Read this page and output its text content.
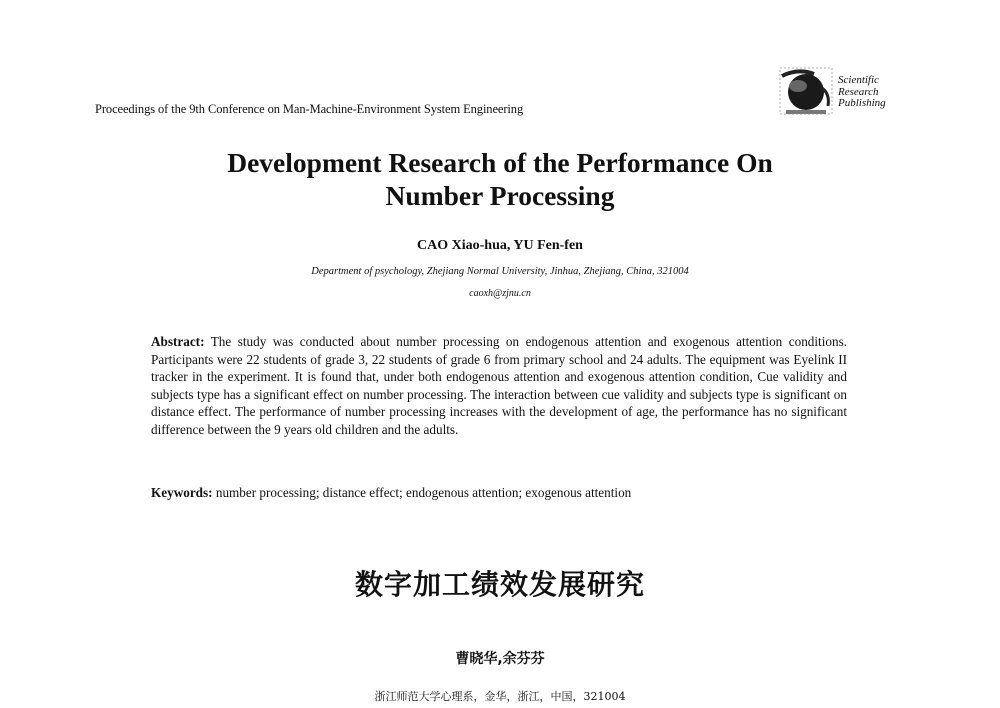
Proceedings of the 9th Conference on Man-Machine-Environment System Engineering
Scientific
Research
Publishing
Development Research of the Performance On
Number Processing
CAO Xiao-hua, YU Fen-fen
Department of psychology, Zhejiang Normal University, Jinhua, Zhejiang, China, 321004
caoxh@zjnu.cn

Abstract: The study was conducted about number processing on endogenous attention and exogenous attention conditions. Participants were 22 students of grade 3, 22 students of grade 6 from primary school and 24 adults. The equipment was Eyelink II tracker in the experiment. It is found that, under both endogenous attention and exogenous attention condition, Cue validity and subjects type has a significant effect on number processing. The interaction between cue validity and subjects type is significant on distance effect. The performance of number processing increases with the development of age, the performance has no significant difference between the 9 years old children and the adults.

Keywords: number processing; distance effect; endogenous attention; exogenous attention

数字加工绩效发展研究
曹晓华,余芬芬
浙江师范大学心理系，金华，浙江，中国，321004
